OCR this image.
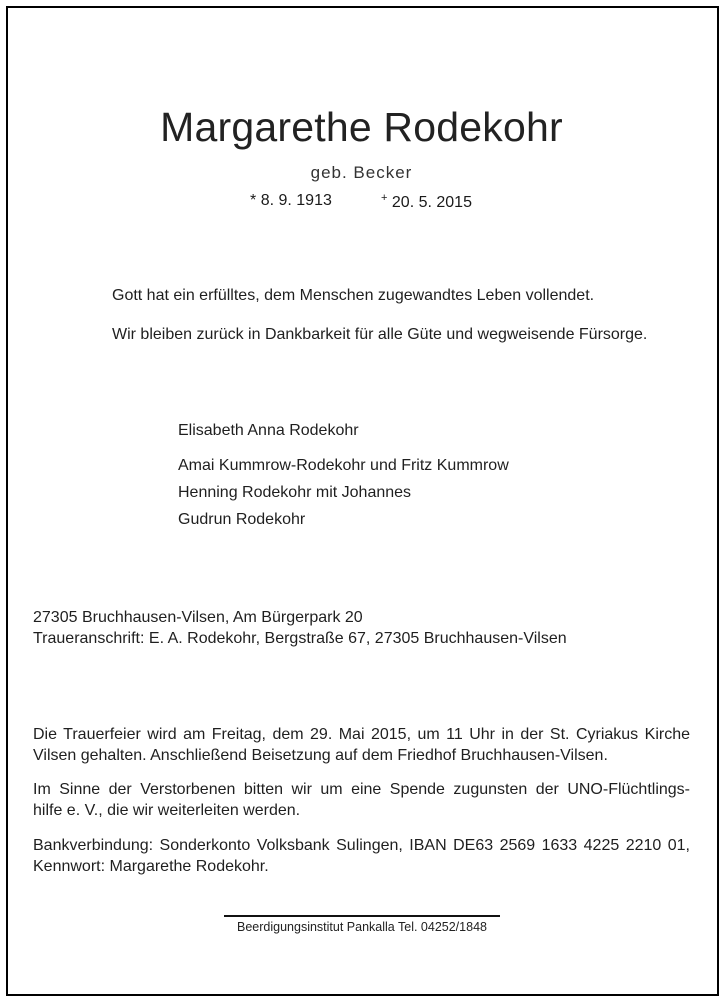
Margarethe Rodekohr
geb. Becker
* 8. 9. 1913	+ 20. 5. 2015
Gott hat ein erfülltes, dem Menschen zugewandtes Leben vollendet.
Wir bleiben zurück in Dankbarkeit für alle Güte und wegweisende Fürsorge.
Elisabeth Anna Rodekohr
Amai Kummrow-Rodekohr und Fritz Kummrow
Henning Rodekohr mit Johannes
Gudrun Rodekohr
27305 Bruchhausen-Vilsen, Am Bürgerpark 20
Traueranschrift: E. A. Rodekohr, Bergstraße 67, 27305 Bruchhausen-Vilsen
Die Trauerfeier wird am Freitag, dem 29. Mai 2015, um 11 Uhr in der St. Cyriakus Kirche
Vilsen gehalten. Anschließend Beisetzung auf dem Friedhof Bruchhausen-Vilsen.
Im Sinne der Verstorbenen bitten wir um eine Spende zugunsten der UNO-Flüchtlings-
hilfe e. V., die wir weiterleiten werden.
Bankverbindung: Sonderkonto Volksbank Sulingen, IBAN DE63 2569 1633 4225 2210 01,
Kennwort: Margarethe Rodekohr.
Beerdigungsinstitut Pankalla Tel. 04252/1848
